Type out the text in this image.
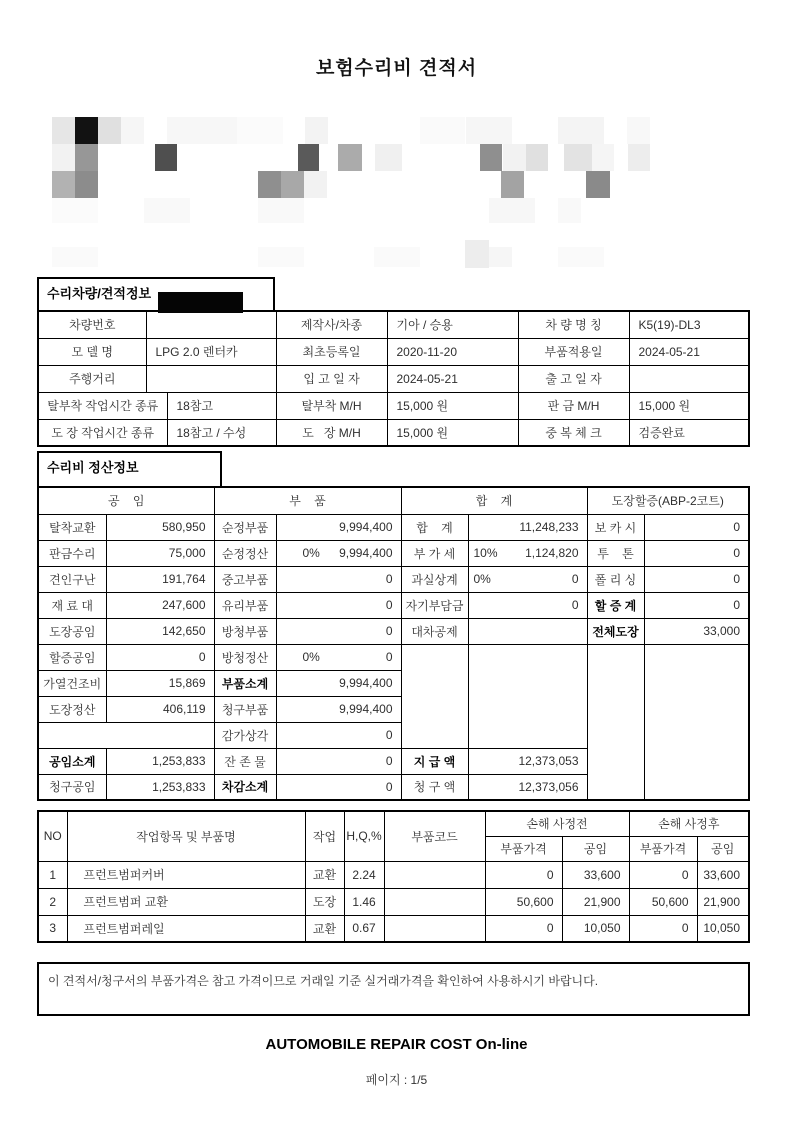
보험수리비 견적서
수리차량/견적정보
차량번호			제작사/차종	기아 / 승용	차 량 명 칭	K5(19)-DL3
모 델 명	LPG 2.0 렌터카		최초등록일	2020-11-20	부품적용일	2024-05-21
주행거리			입 고 일 자	2024-05-21	출 고 일 자	
탈부착 작업시간 종류		18참고	탈부착 M/H	15,000 원	판 금 M/H	15,000 원
도 장 작업시간 종류		18참고 / 수성	도   장 M/H	15,000 원	중 복 체 크	검증완료
수리비 정산정보
공    임		부    품		합    계		도장할증(ABP-2코트)	
탈착교환	580,950	순정부품	9,994,400	합    계	11,248,233	보 카 시	0
판금수리	75,000	순정정산	0% 9,994,400	부 가 세	10% 1,124,820	투    톤	0
견인구난	191,764	중고부품	0	과실상계	0% 0	폴 리 싱	0
재 료 대	247,600	유리부품	0	자기부담금	0	할 증 계	0
도장공임	142,650	방청부품	0	대차공제		전체도장	33,000
할증공임	0	방청정산	0% 0				
가열건조비	15,869	부품소계	9,994,400				
도장정산	406,119	청구부품	9,994,400				
		감가상각	0				
공임소계	1,253,833	잔 존 물	0	지 급 액	12,373,053		
청구공임	1,253,833	차감소계	0	청 구 액	12,373,056		
NO	작업항목 및 부품명	작업	H,Q,%	부품코드	손해 사정전		손해 사정후	
					부품가격	공임	부품가격	공임
1	프런트범퍼커버	교환	2.24		0	33,600	0	33,600
2	프런트범퍼 교환	도장	1.46		50,600	21,900	50,600	21,900
3	프런트범퍼레일	교환	0.67		0	10,050	0	10,050
이 견적서/청구서의 부품가격은 참고 가격이므로 거래일 기준 실거래가격을 확인하여 사용하시기 바랍니다.
AUTOMOBILE REPAIR COST On-line
페이지 : 1/5
